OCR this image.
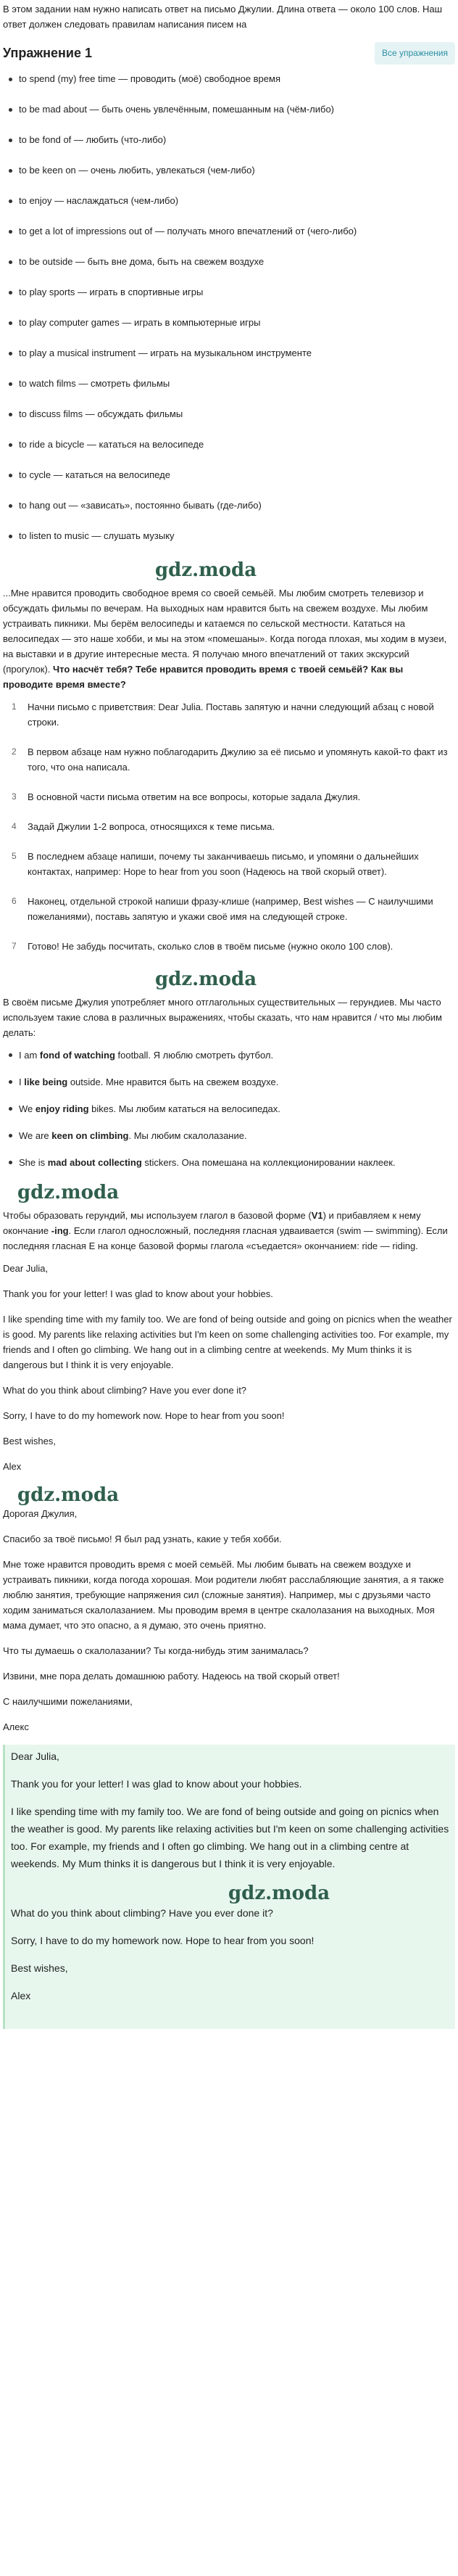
В этом задании нам нужно написать ответ на письмо Джулии. Длина ответа — около 100 слов. Наш ответ должен следовать правилам написания писем на

Упражнение 1	Все упражнения
to spend (my) free time — проводить (моё) свободное время
to be mad about — быть очень увлечённым, помешанным на (чём-либо)
to be fond of — любить (что-либо)
to be keen on — очень любить, увлекаться (чем-либо)
to enjoy — наслаждаться (чем-либо)
to get a lot of impressions out of — получать много впечатлений от (чего-либо)
to be outside — быть вне дома, быть на свежем воздухе
to play sports — играть в спортивные игры
to play computer games — играть в компьютерные игры
to play a musical instrument — играть на музыкальном инструменте
to watch films — смотреть фильмы
to discuss films — обсуждать фильмы
to ride a bicycle — кататься на велосипеде
to cycle — кататься на велосипеде
to hang out — «зависать», постоянно бывать (где-либо)
to listen to music — слушать музыку
gdz.moda

...Мне нравится проводить свободное время со своей семьёй. Мы любим смотреть телевизор и обсуждать фильмы по вечерам. На выходных нам нравится быть на свежем воздухе. Мы любим устраивать пикники. Мы берём велосипеды и катаемся по сельской местности. Кататься на велосипедах — это наше хобби, и мы на этом «помешаны». Когда погода плохая, мы ходим в музеи, на выставки и в другие интересные места. Я получаю много впечатлений от таких экскурсий (прогулок). Что насчёт тебя? Тебе нравится проводить время с твоей семьёй? Как вы проводите время вместе?

1 Начни письмо с приветствия: Dear Julia. Поставь запятую и начни следующий абзац с новой строки.
2 В первом абзаце нам нужно поблагодарить Джулию за её письмо и упомянуть какой-то факт из того, что она написала.
3 В основной части письма ответим на все вопросы, которые задала Джулия.
4 Задай Джулии 1-2 вопроса, относящихся к теме письма.
5 В последнем абзаце напиши, почему ты заканчиваешь письмо, и упомяни о дальнейших контактах, например: Hope to hear from you soon (Надеюсь на твой скорый ответ).
6 Наконец, отдельной строкой напиши фразу-клише (например, Best wishes — С наилучшими пожеланиями), поставь запятую и укажи своё имя на следующей строке.
7 Готово! Не забудь посчитать, сколько слов в твоём письме (нужно около 100 слов).
gdz.moda

В своём письме Джулия употребляет много отглагольных существительных — герундиев. Мы часто используем такие слова в различных выражениях, чтобы сказать, что нам нравится / что мы любим делать:

I am fond of watching football. Я люблю смотреть футбол.
I like being outside. Мне нравится быть на свежем воздухе.
We enjoy riding bikes. Мы любим кататься на велосипедах.
We are keen on climbing. Мы любим скалолазание.
She is mad about collecting stickers. Она помешана на коллекционировании наклеек.
gdz.moda

Чтобы образовать герундий, мы используем глагол в базовой форме (V1) и прибавляем к нему окончание -ing. Если глагол односложный, последняя гласная удваивается (swim — swimming). Если последняя гласная Е на конце базовой формы глагола «съедается» окончанием: ride — riding.

Dear Julia,

Thank you for your letter! I was glad to know about your hobbies.

I like spending time with my family too. We are fond of being outside and going on picnics when the weather is good. My parents like relaxing activities but I'm keen on some challenging activities too. For example, my friends and I often go climbing. We hang out in a climbing centre at weekends. My Mum thinks it is dangerous but I think it is very enjoyable.

What do you think about climbing? Have you ever done it?

Sorry, I have to do my homework now. Hope to hear from you soon!

Best wishes,

Alex

gdz.moda

Дорогая Джулия,

Спасибо за твоё письмо! Я был рад узнать, какие у тебя хобби.

Мне тоже нравится проводить время с моей семьёй. Мы любим бывать на свежем воздухе и устраивать пикники, когда погода хорошая. Мои родители любят расслабляющие занятия, а я также люблю занятия, требующие напряжения сил (сложные занятия). Например, мы с друзьями часто ходим заниматься скалолазанием. Мы проводим время в центре скалолазания на выходных. Моя мама думает, что это опасно, а я думаю, это очень приятно.

Что ты думаешь о скалолазании? Ты когда-нибудь этим занималась?

Извини, мне пора делать домашнюю работу. Надеюсь на твой скорый ответ!

С наилучшими пожеланиями,

Алекс

Dear Julia,

Thank you for your letter! I was glad to know about your hobbies.

I like spending time with my family too. We are fond of being outside and going on picnics when the weather is good. My parents like relaxing activities but I'm keen on some challenging activities too. For example, my friends and I often go climbing. We hang out in a climbing centre at weekends. My Mum thinks it is dangerous but I think it is very enjoyable.

gdz.moda

What do you think about climbing? Have you ever done it?

Sorry, I have to do my homework now. Hope to hear from you soon!

Best wishes,

Alex
